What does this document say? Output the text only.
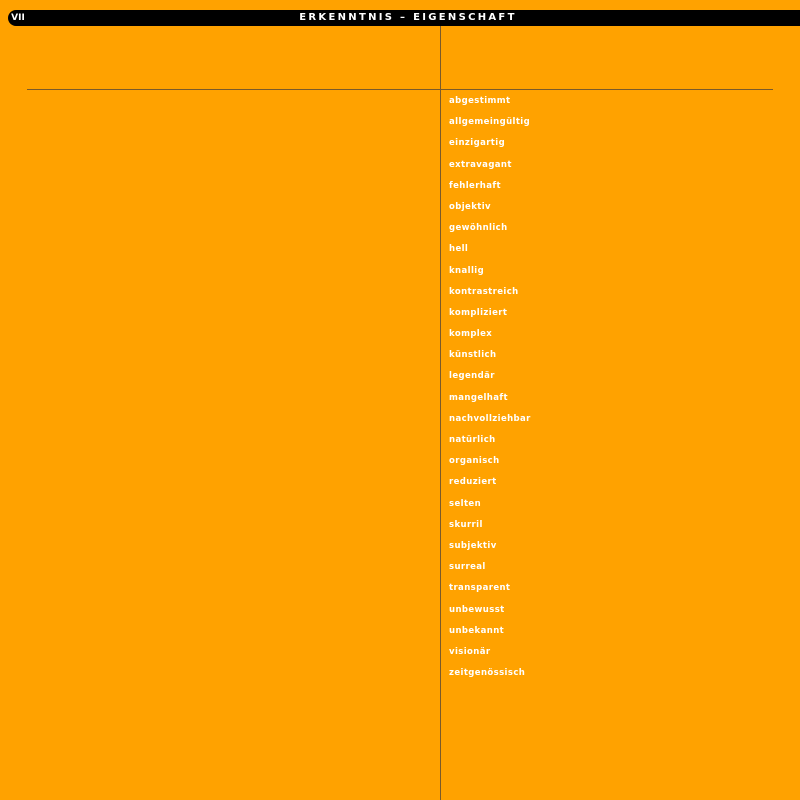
VII	ERKENNTNIS – EIGENSCHAFT
abgestimmt
allgemeingültig
einzigartig
extravagant
fehlerhaft
objektiv
gewöhnlich
hell
knallig
kontrastreich
kompliziert
komplex
künstlich
legendär
mangelhaft
nachvollziehbar
natürlich
organisch
reduziert
selten
skurril
subjektiv
surreal
transparent
unbewusst
unbekannt
visionär
zeitgenössisch
